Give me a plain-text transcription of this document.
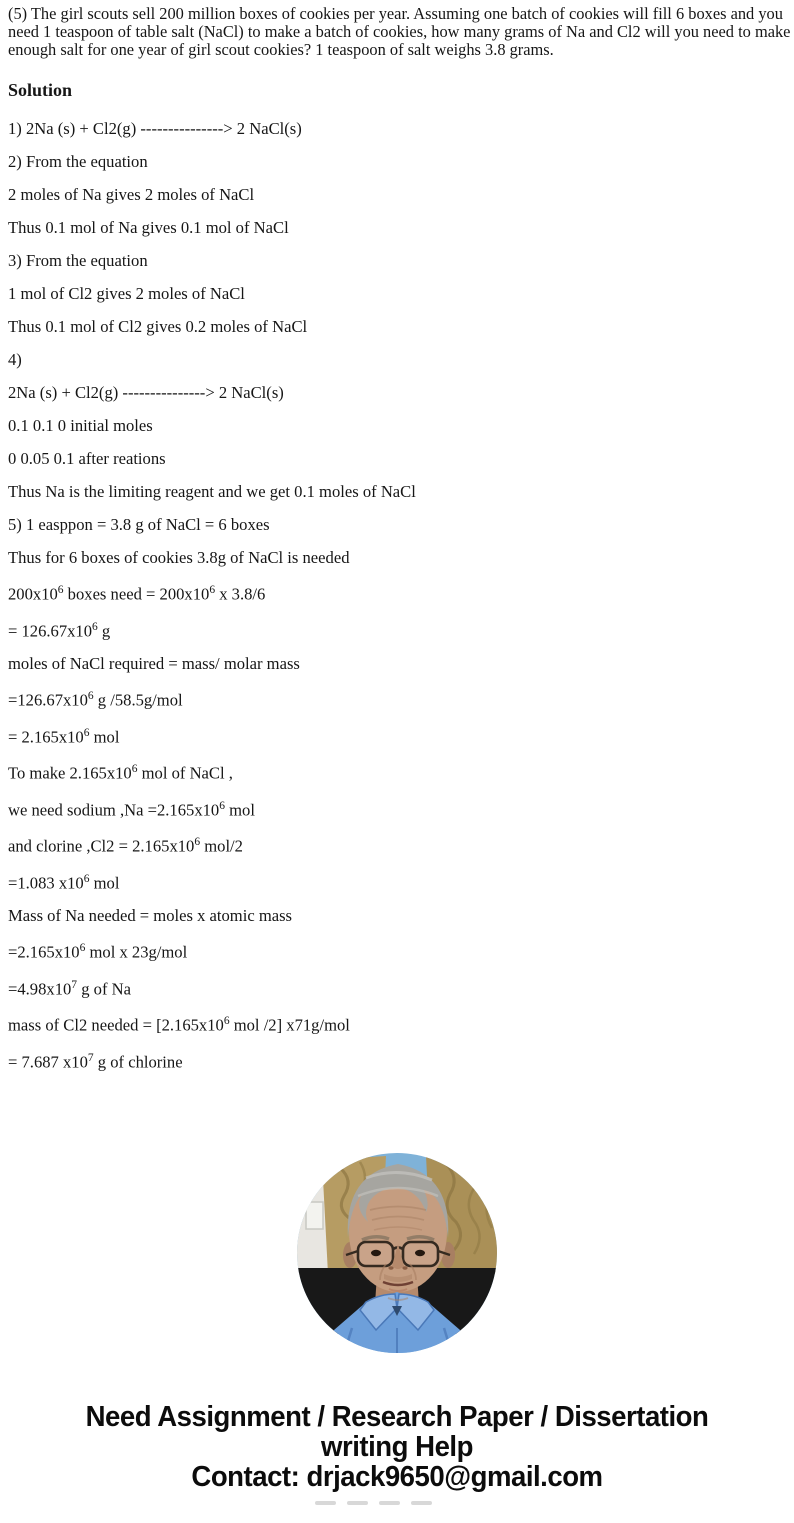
(5) The girl scouts sell 200 million boxes of cookies per year. Assuming one batch of cookies will fill 6 boxes and you
need 1 teaspoon of table salt (NaCl) to make a batch of cookies, how many grams of Na and Cl2 will you need to make
enough salt for one year of girl scout cookies? 1 teaspoon of salt weighs 3.8 grams.
Solution
1) 2Na (s) + Cl2(g) ---------------> 2 NaCl(s)
2) From the equation
2 moles of Na gives 2 moles of NaCl
Thus 0.1 mol of Na gives 0.1 mol of NaCl
3) From the equation
1 mol of Cl2 gives 2 moles of NaCl
Thus 0.1 mol of Cl2 gives 0.2 moles of NaCl
4)
2Na (s) + Cl2(g) ---------------> 2 NaCl(s)
0.1 0.1 0 initial moles
0 0.05 0.1 after reations
Thus Na is the limiting reagent and we get 0.1 moles of NaCl
5) 1 easppon = 3.8 g of NaCl = 6 boxes
Thus for 6 boxes of cookies 3.8g of NaCl is needed
$200x10^6$ boxes need = $200x10^6$ x 3.8/6
= $126.67x10^6$ g
moles of NaCl required = mass/ molar mass
$=126.67x10^6$ g /58.5g/mol
= $2.165x10^6$ mol
To make $2.165x10^6$ mol of NaCl ,
we need sodium $,Na =2.165x10^6$ mol
and clorine $,Cl2 = 2.165x10^6$ mol/2
=1.083 $x10^6$ mol
Mass of Na needed = moles x atomic mass
$=2.165x10^6$ mol x 23g/mol
$=4.98x10^7$ g of Na
mass of Cl2 needed = [$2.165x10^6$ mol /2] x71g/mol
= 7.687 $x10^7$ g of chlorine
Need Assignment / Research Paper / Dissertation
writing Help
Contact: drjack9650@gmail.com
